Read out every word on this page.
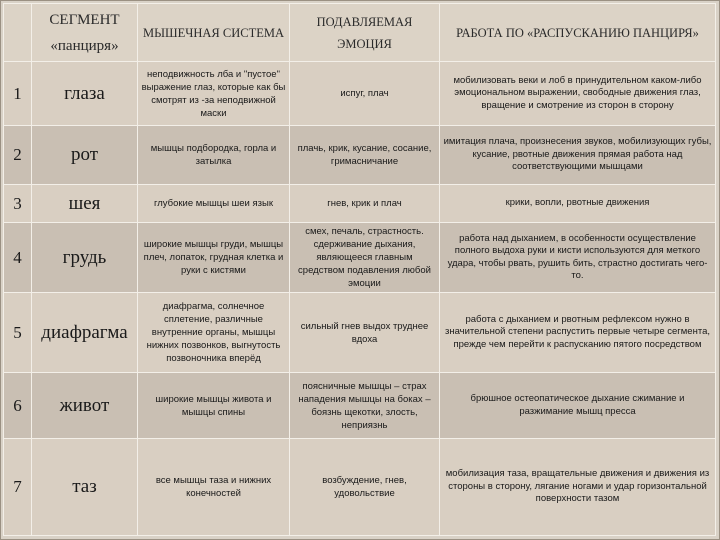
	СЕГМЕНТ «панциря»	МЫШЕЧНАЯ СИСТЕМА	ПОДАВЛЯЕМАЯ ЭМОЦИЯ	РАБОТА ПО «РАСПУСКАНИЮ ПАНЦИРЯ»
1	глаза	неподвижность лба и "пустое" выражение глаз, которые как бы смотрят из -за неподвижной маски	испуг, плач	мобилизовать веки и лоб в принудительном каком-либо эмоциональном выражении, свободные движения глаз, вращение и смотрение из сторон в сторону
2	рот	мышцы подбородка, горла и затылка	плачь, крик, кусание, сосание, гримасничание	имитация плача, произнесения звуков, мобилизующих губы, кусание, рвотные движения прямая работа над соответствующими мышцами
3	шея	глубокие мышцы шеи язык	гнев, крик и плач	крики, вопли, рвотные движения
4	грудь	широкие мышцы груди, мышцы плеч, лопаток, грудная клетка и руки с кистями	смех, печаль, страстность. сдерживание дыхания, являющееся главным средством подавления любой эмоции	работа над дыханием, в особенности осуществление полного выдоха руки и кисти используются для меткого удара, чтобы рвать, рушить бить, страстно достигать чего-то.
5	диафрагма	диафрагма, солнечное сплетение, различные внутренние органы, мышцы нижних позвонков, выгнутость позвоночника вперёд	сильный гнев выдох труднее вдоха	работа с дыханием и рвотным рефлексом нужно в значительной степени распустить первые четыре сегмента, прежде чем перейти к распусканию пятого посредством
6	живот	широкие мышцы живота и мышцы спины	поясничные мышцы – страх нападения мышцы на боках – боязнь щекотки, злость, неприязнь	брюшное остеопатическое дыхание сжимание и разжимание мышц пресса
7	таз	все мышцы таза и нижних конечностей	возбуждение, гнев, удовольствие	мобилизация таза, вращательные движения и движения из стороны в сторону, лягание ногами и удар горизонтальной поверхности тазом
